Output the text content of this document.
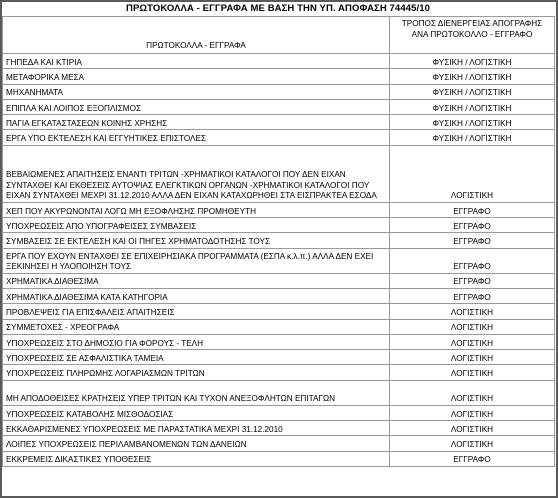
ΠΡΩΤΟΚΟΛΛΑ - ΕΓΓΡΑΦΑ ΜΕ ΒΑΣΗ ΤΗΝ ΥΠ. ΑΠΟΦΑΣΗ 74445/10
ΠΡΩΤΟΚΟΛΛΑ - ΕΓΓΡΑΦΑ	ΤΡΟΠΟΣ ΔΙΕΝΕΡΓΕΙΑΣ ΑΠΟΓΡΑΦΗΣ
ΑΝΑ ΠΡΩΤΟΚΟΛΛΟ - ΕΓΓΡΑΦΟ

ΓΗΠΕΔΑ ΚΑΙ ΚΤΙΡΙΑ	ΦΥΣΙΚΗ / ΛΟΓΙΣΤΙΚΗ
ΜΕΤΑΦΟΡΙΚΑ ΜΕΣΑ	ΦΥΣΙΚΗ / ΛΟΓΙΣΤΙΚΗ
ΜΗΧΑΝΗΜΑΤΑ	ΦΥΣΙΚΗ / ΛΟΓΙΣΤΙΚΗ
ΕΠΙΠΛΑ ΚΑΙ ΛΟΙΠΟΣ ΕΞΟΠΛΙΣΜΟΣ	ΦΥΣΙΚΗ / ΛΟΓΙΣΤΙΚΗ
ΠΑΓΙΑ ΕΓΚΑΤΑΣΤΑΣΕΩΝ ΚΟΙΝΗΣ ΧΡΗΣΗΣ	ΦΥΣΙΚΗ / ΛΟΓΙΣΤΙΚΗ
ΕΡΓΑ ΥΠΟ ΕΚΤΕΛΕΣΗ ΚΑΙ ΕΓΓΥΗΤΙΚΕΣ ΕΠΙΣΤΟΛΕΣ	ΦΥΣΙΚΗ / ΛΟΓΙΣΤΙΚΗ
ΒΕΒΑΙΩΜΕΝΕΣ ΑΠΑΙΤΗΣΕΙΣ ΕΝΑΝΤΙ ΤΡΙΤΩΝ -ΧΡΗΜΑΤΙΚΟΙ ΚΑΤΑΛΟΓΟΙ ΠΟΥ ΔΕΝ ΕΙΧΑΝ ΣΥΝΤΑΧΘΕΙ ΚΑΙ ΕΚΘΕΣΕΙΣ ΑΥΤΟΨΙΑΣ ΕΛΕΓΚΤΙΚΩΝ ΟΡΓΑΝΩΝ -ΧΡΗΜΑΤΙΚΟΙ ΚΑΤΑΛΟΓΟΙ ΠΟΥ ΕΙΧΑΝ ΣΥΝΤΑΧΘΕΙ ΜΕΧΡΙ 31.12.2010 ΑΛΛΑ ΔΕΝ ΕΙΧΑΝ ΚΑΤΑΧΩΡΗΘΕΙ ΣΤΑ ΕΙΣΠΡΑΚΤΕΑ ΕΣΟΔΑ	ΛΟΓΙΣΤΙΚΗ
ΧΕΠ ΠΟΥ ΑΚΥΡΩΝΟΝΤΑΙ ΛΟΓΩ ΜΗ ΕΞΟΦΛΗΣΗΣ ΠΡΟΜΗΘΕΥΤΗ	ΕΓΓΡΑΦΟ
ΥΠΟΧΡΕΩΣΕΙΣ ΑΠΟ ΥΠΟΓΡΑΦΕΙΣΕΣ ΣΥΜΒΑΣΕΙΣ	ΕΓΓΡΑΦΟ
ΣΥΜΒΑΣΕΙΣ ΣΕ ΕΚΤΕΛΕΣΗ ΚΑΙ ΟΙ ΠΗΓΕΣ ΧΡΗΜΑΤΟΔΟΤΗΣΗΣ ΤΟΥΣ	ΕΓΓΡΑΦΟ
ΕΡΓΑ ΠΟΥ ΕΧΟΥΝ ΕΝΤΑΧΘΕΙ ΣΕ ΕΠΙΧΕΙΡΗΣΙΑΚΑ ΠΡΟΓΡΑΜΜΑΤΑ (ΕΣΠΑ κ.λ.π.) ΑΛΛΑ ΔΕΝ ΕΧΕΙ ΞΕΚΙΝΗΣΕΙ Η ΥΛΟΠΟΙΗΣΗ ΤΟΥΣ	ΕΓΓΡΑΦΟ
ΧΡΗΜΑΤΙΚΑ ΔΙΑΘΕΣΙΜΑ	ΕΓΓΡΑΦΟ
ΧΡΗΜΑΤΙΚΑ ΔΙΑΘΕΣΙΜΑ ΚΑΤΑ ΚΑΤΗΓΟΡΙΑ	ΕΓΓΡΑΦΟ
ΠΡΟΒΛΕΨΕΙΣ ΓΙΑ ΕΠΙΣΦΑΛΕΙΣ ΑΠΑΙΤΗΣΕΙΣ	ΛΟΓΙΣΤΙΚΗ
ΣΥΜΜΕΤΟΧΕΣ - ΧΡΕΟΓΡΑΦΑ	ΛΟΓΙΣΤΙΚΗ
ΥΠΟΧΡΕΩΣΕΙΣ ΣΤΟ ΔΗΜΟΣΙΟ ΓΙΑ ΦΟΡΟΥΣ - ΤΕΛΗ	ΛΟΓΙΣΤΙΚΗ
ΥΠΟΧΡΕΩΣΕΙΣ ΣΕ ΑΣΦΑΛΙΣΤΙΚΑ ΤΑΜΕΙΑ	ΛΟΓΙΣΤΙΚΗ
ΥΠΟΧΡΕΩΣΕΙΣ ΠΛΗΡΩΜΗΣ ΛΟΓΑΡΙΑΣΜΩΝ ΤΡΙΤΩΝ	ΛΟΓΙΣΤΙΚΗ
ΜΗ ΑΠΟΔΟΘΕΙΣΕΣ ΚΡΑΤΗΣΕΙΣ ΥΠΕΡ ΤΡΙΤΩΝ ΚΑΙ ΤΥΧΟΝ ΑΝΕΞΟΦΛΗΤΩΝ ΕΠΙΤΑΓΩΝ	ΛΟΓΙΣΤΙΚΗ
ΥΠΟΧΡΕΩΣΕΙΣ ΚΑΤΑΒΟΛΗΣ ΜΙΣΘΟΔΟΣΙΑΣ	ΛΟΓΙΣΤΙΚΗ
ΕΚΚΑΘΑΡΙΣΜΕΝΕΣ ΥΠΟΧΡΕΩΣΕΙΣ ΜΕ ΠΑΡΑΣΤΑΤΙΚΑ ΜΕΧΡΙ 31.12.2010	ΛΟΓΙΣΤΙΚΗ
ΛΟΙΠΕΣ ΥΠΟΧΡΕΩΣΕΙΣ ΠΕΡΙΛΑΜΒΑΝΟΜΕΝΩΝ ΤΩΝ ΔΑΝΕΙΩΝ	ΛΟΓΙΣΤΙΚΗ
ΕΚΚΡΕΜΕΙΣ ΔΙΚΑΣΤΙΚΕΣ ΥΠΟΘΕΣΕΙΣ	ΕΓΓΡΑΦΟ
